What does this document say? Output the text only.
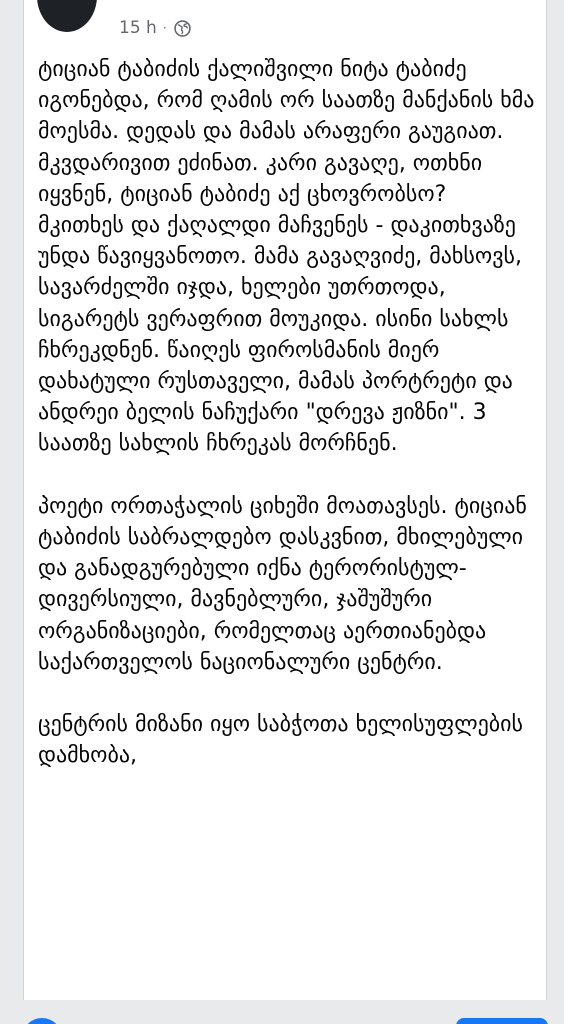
15 h ·

ტიციან ტაბიძის ქალიშვილი ნიტა ტაბიძე იგონებდა, რომ ღამის ორ საათზე მანქანის ხმა მოესმა. დედას და მამას არაფერი გაუგიათ. მკვდარივით ეძინათ. კარი გავაღე, ოთხნი იყვნენ, ტიციან ტაბიძე აქ ცხოვრობსო? მკითხეს და ქაღალდი მაჩვენეს - დაკითხვაზე უნდა წავიყვანოთო. მამა გავაღვიძე, მახსოვს, სავარძელში იჯდა, ხელები უთრთოდა, სიგარეტს ვერაფრით მოუკიდა. ისინი სახლს ჩხრეკდნენ. წაიღეს ფიროსმანის მიერ დახატული რუსთაველი, მამას პორტრეტი და ანდრეი ბელის ნაჩუქარი "დრევა ჟიზნი". 3 საათზე სახლის ჩხრეკას მორჩნენ.

პოეტი ორთაჭალის ციხეში მოათავსეს. ტიციან ტაბიძის საბრალდებო დასკვნით, მხილებული და განადგურებული იქნა ტერორისტულ-დივერსიული, მავნებლური, ჯაშუშური ორგანიზაციები, რომელთაც აერთიანებდა საქართველოს ნაციონალური ცენტრი.

ცენტრის მიზანი იყო საბჭოთა ხელისუფლების დამხობა,
